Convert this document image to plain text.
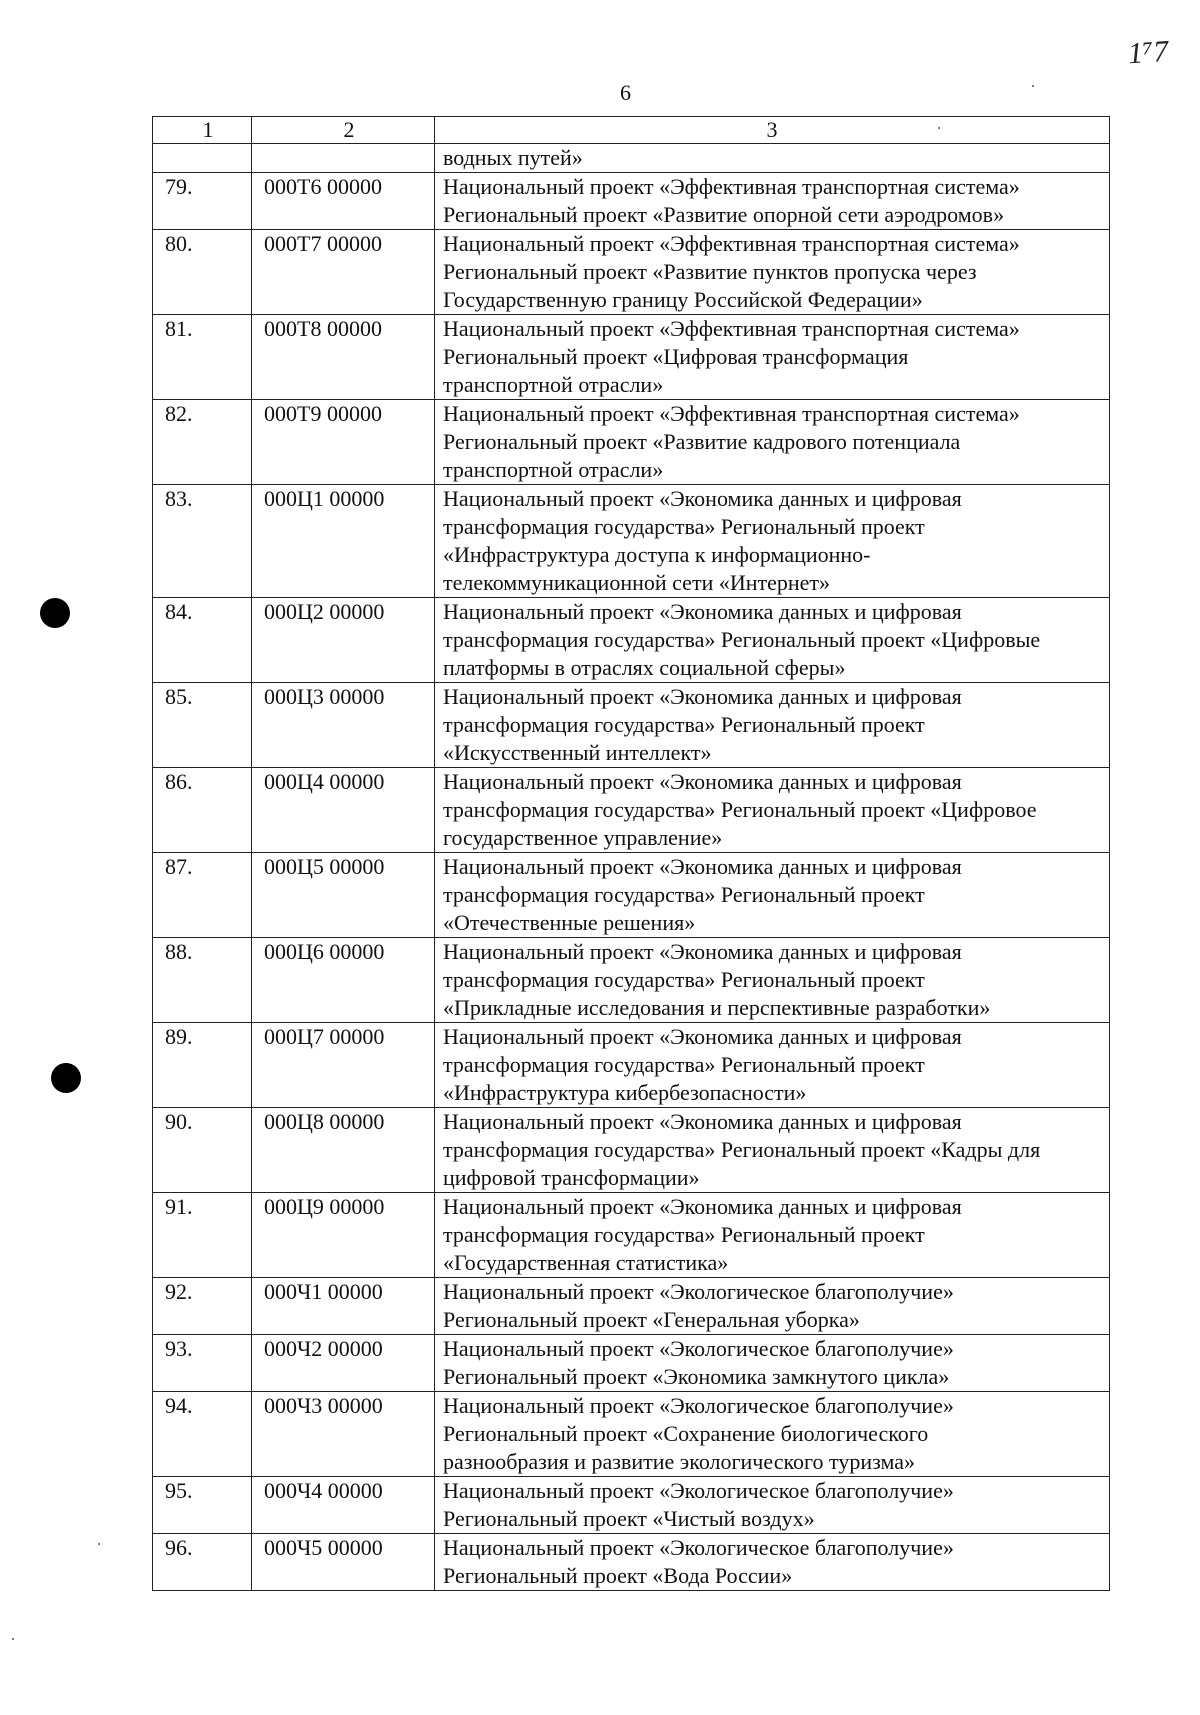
1⁷7
6
1	2	3

		водных путей»

79.	000Т6 00000	Национальный проект «Эффективная транспортная система»
Региональный проект «Развитие опорной сети аэродромов»

80.	000Т7 00000	Национальный проект «Эффективная транспортная система»
Региональный проект «Развитие пунктов пропуска через
Государственную границу Российской Федерации»

81.	000Т8 00000	Национальный проект «Эффективная транспортная система»
Региональный проект «Цифровая трансформация
транспортной отрасли»

82.	000Т9 00000	Национальный проект «Эффективная транспортная система»
Региональный проект «Развитие кадрового потенциала
транспортной отрасли»

83.	000Ц1 00000	Национальный проект «Экономика данных и цифровая
трансформация государства» Региональный проект
«Инфраструктура доступа к информационно-
телекоммуникационной сети «Интернет»

84.	000Ц2 00000	Национальный проект «Экономика данных и цифровая
трансформация государства» Региональный проект «Цифровые
платформы в отраслях социальной сферы»

85.	000Ц3 00000	Национальный проект «Экономика данных и цифровая
трансформация государства» Региональный проект
«Искусственный интеллект»

86.	000Ц4 00000	Национальный проект «Экономика данных и цифровая
трансформация государства» Региональный проект «Цифровое
государственное управление»

87.	000Ц5 00000	Национальный проект «Экономика данных и цифровая
трансформация государства» Региональный проект
«Отечественные решения»

88.	000Ц6 00000	Национальный проект «Экономика данных и цифровая
трансформация государства» Региональный проект
«Прикладные исследования и перспективные разработки»

89.	000Ц7 00000	Национальный проект «Экономика данных и цифровая
трансформация государства» Региональный проект
«Инфраструктура кибербезопасности»

90.	000Ц8 00000	Национальный проект «Экономика данных и цифровая
трансформация государства» Региональный проект «Кадры для
цифровой трансформации»

91.	000Ц9 00000	Национальный проект «Экономика данных и цифровая
трансформация государства» Региональный проект
«Государственная статистика»

92.	000Ч1 00000	Национальный проект «Экологическое благополучие»
Региональный проект «Генеральная уборка»

93.	000Ч2 00000	Национальный проект «Экологическое благополучие»
Региональный проект «Экономика замкнутого цикла»

94.	000Ч3 00000	Национальный проект «Экологическое благополучие»
Региональный проект «Сохранение биологического
разнообразия и развитие экологического туризма»

95.	000Ч4 00000	Национальный проект «Экологическое благополучие»
Региональный проект «Чистый воздух»

96.	000Ч5 00000	Национальный проект «Экологическое благополучие»
Региональный проект «Вода России»
